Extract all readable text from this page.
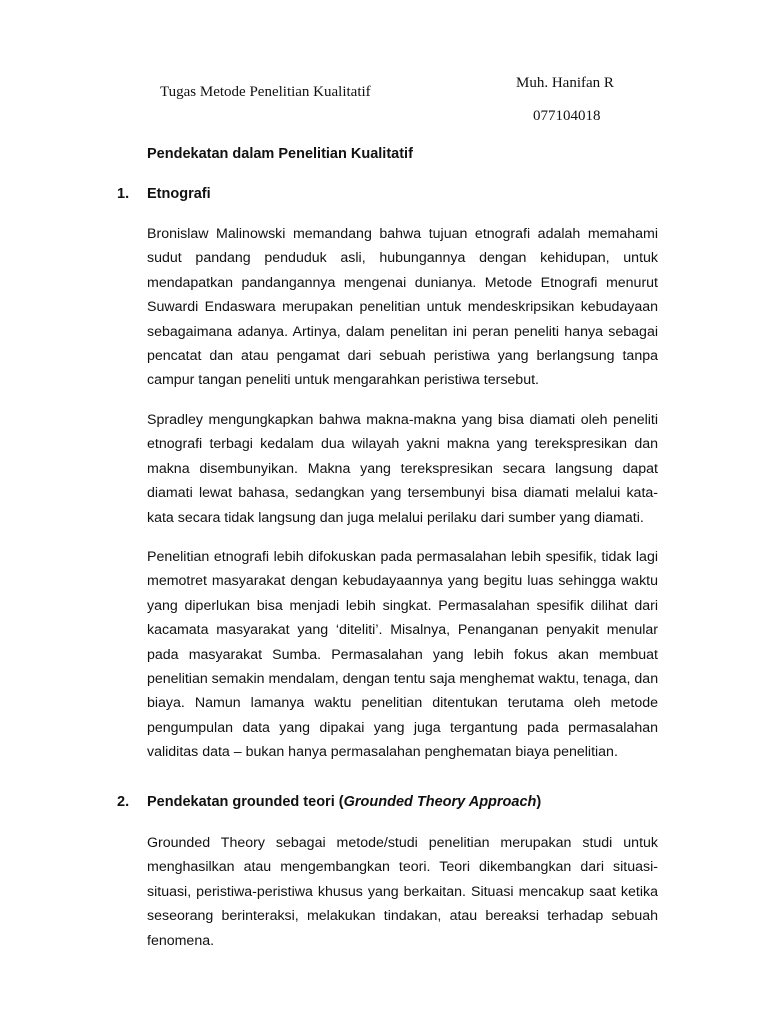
Tugas Metode Penelitian Kualitatif
Muh. Hanifan R
077104018
Pendekatan dalam Penelitian Kualitatif
1. Etnografi
Bronislaw Malinowski memandang bahwa tujuan etnografi adalah memahami
sudut pandang penduduk asli, hubungannya dengan kehidupan, untuk
mendapatkan pandangannya mengenai dunianya. Metode Etnografi menurut
Suwardi Endaswara merupakan penelitian untuk mendeskripsikan kebudayaan
sebagaimana adanya. Artinya, dalam penelitan ini peran peneliti hanya sebagai
pencatat dan atau pengamat dari sebuah peristiwa yang berlangsung tanpa
campur tangan peneliti untuk mengarahkan peristiwa tersebut.
Spradley mengungkapkan bahwa makna-makna yang bisa diamati oleh peneliti
etnografi terbagi kedalam dua wilayah yakni makna yang terekspresikan dan
makna disembunyikan. Makna yang terekspresikan secara langsung dapat
diamati lewat bahasa, sedangkan yang tersembunyi bisa diamati melalui kata-
kata secara tidak langsung dan juga melalui perilaku dari sumber yang diamati.
Penelitian etnografi lebih difokuskan pada permasalahan lebih spesifik, tidak lagi
memotret masyarakat dengan kebudayaannya yang begitu luas sehingga waktu
yang diperlukan bisa menjadi lebih singkat. Permasalahan spesifik dilihat dari
kacamata masyarakat yang ‘diteliti’. Misalnya, Penanganan penyakit menular
pada masyarakat Sumba. Permasalahan yang lebih fokus akan membuat
penelitian semakin mendalam, dengan tentu saja menghemat waktu, tenaga, dan
biaya. Namun lamanya waktu penelitian ditentukan terutama oleh metode
pengumpulan data yang dipakai yang juga tergantung pada permasalahan
validitas data – bukan hanya permasalahan penghematan biaya penelitian.
2. Pendekatan grounded teori (Grounded Theory Approach)
Grounded Theory sebagai metode/studi penelitian merupakan studi untuk
menghasilkan atau mengembangkan teori. Teori dikembangkan dari situasi-
situasi, peristiwa-peristiwa khusus yang berkaitan. Situasi mencakup saat ketika
seseorang berinteraksi, melakukan tindakan, atau bereaksi terhadap sebuah
fenomena.
